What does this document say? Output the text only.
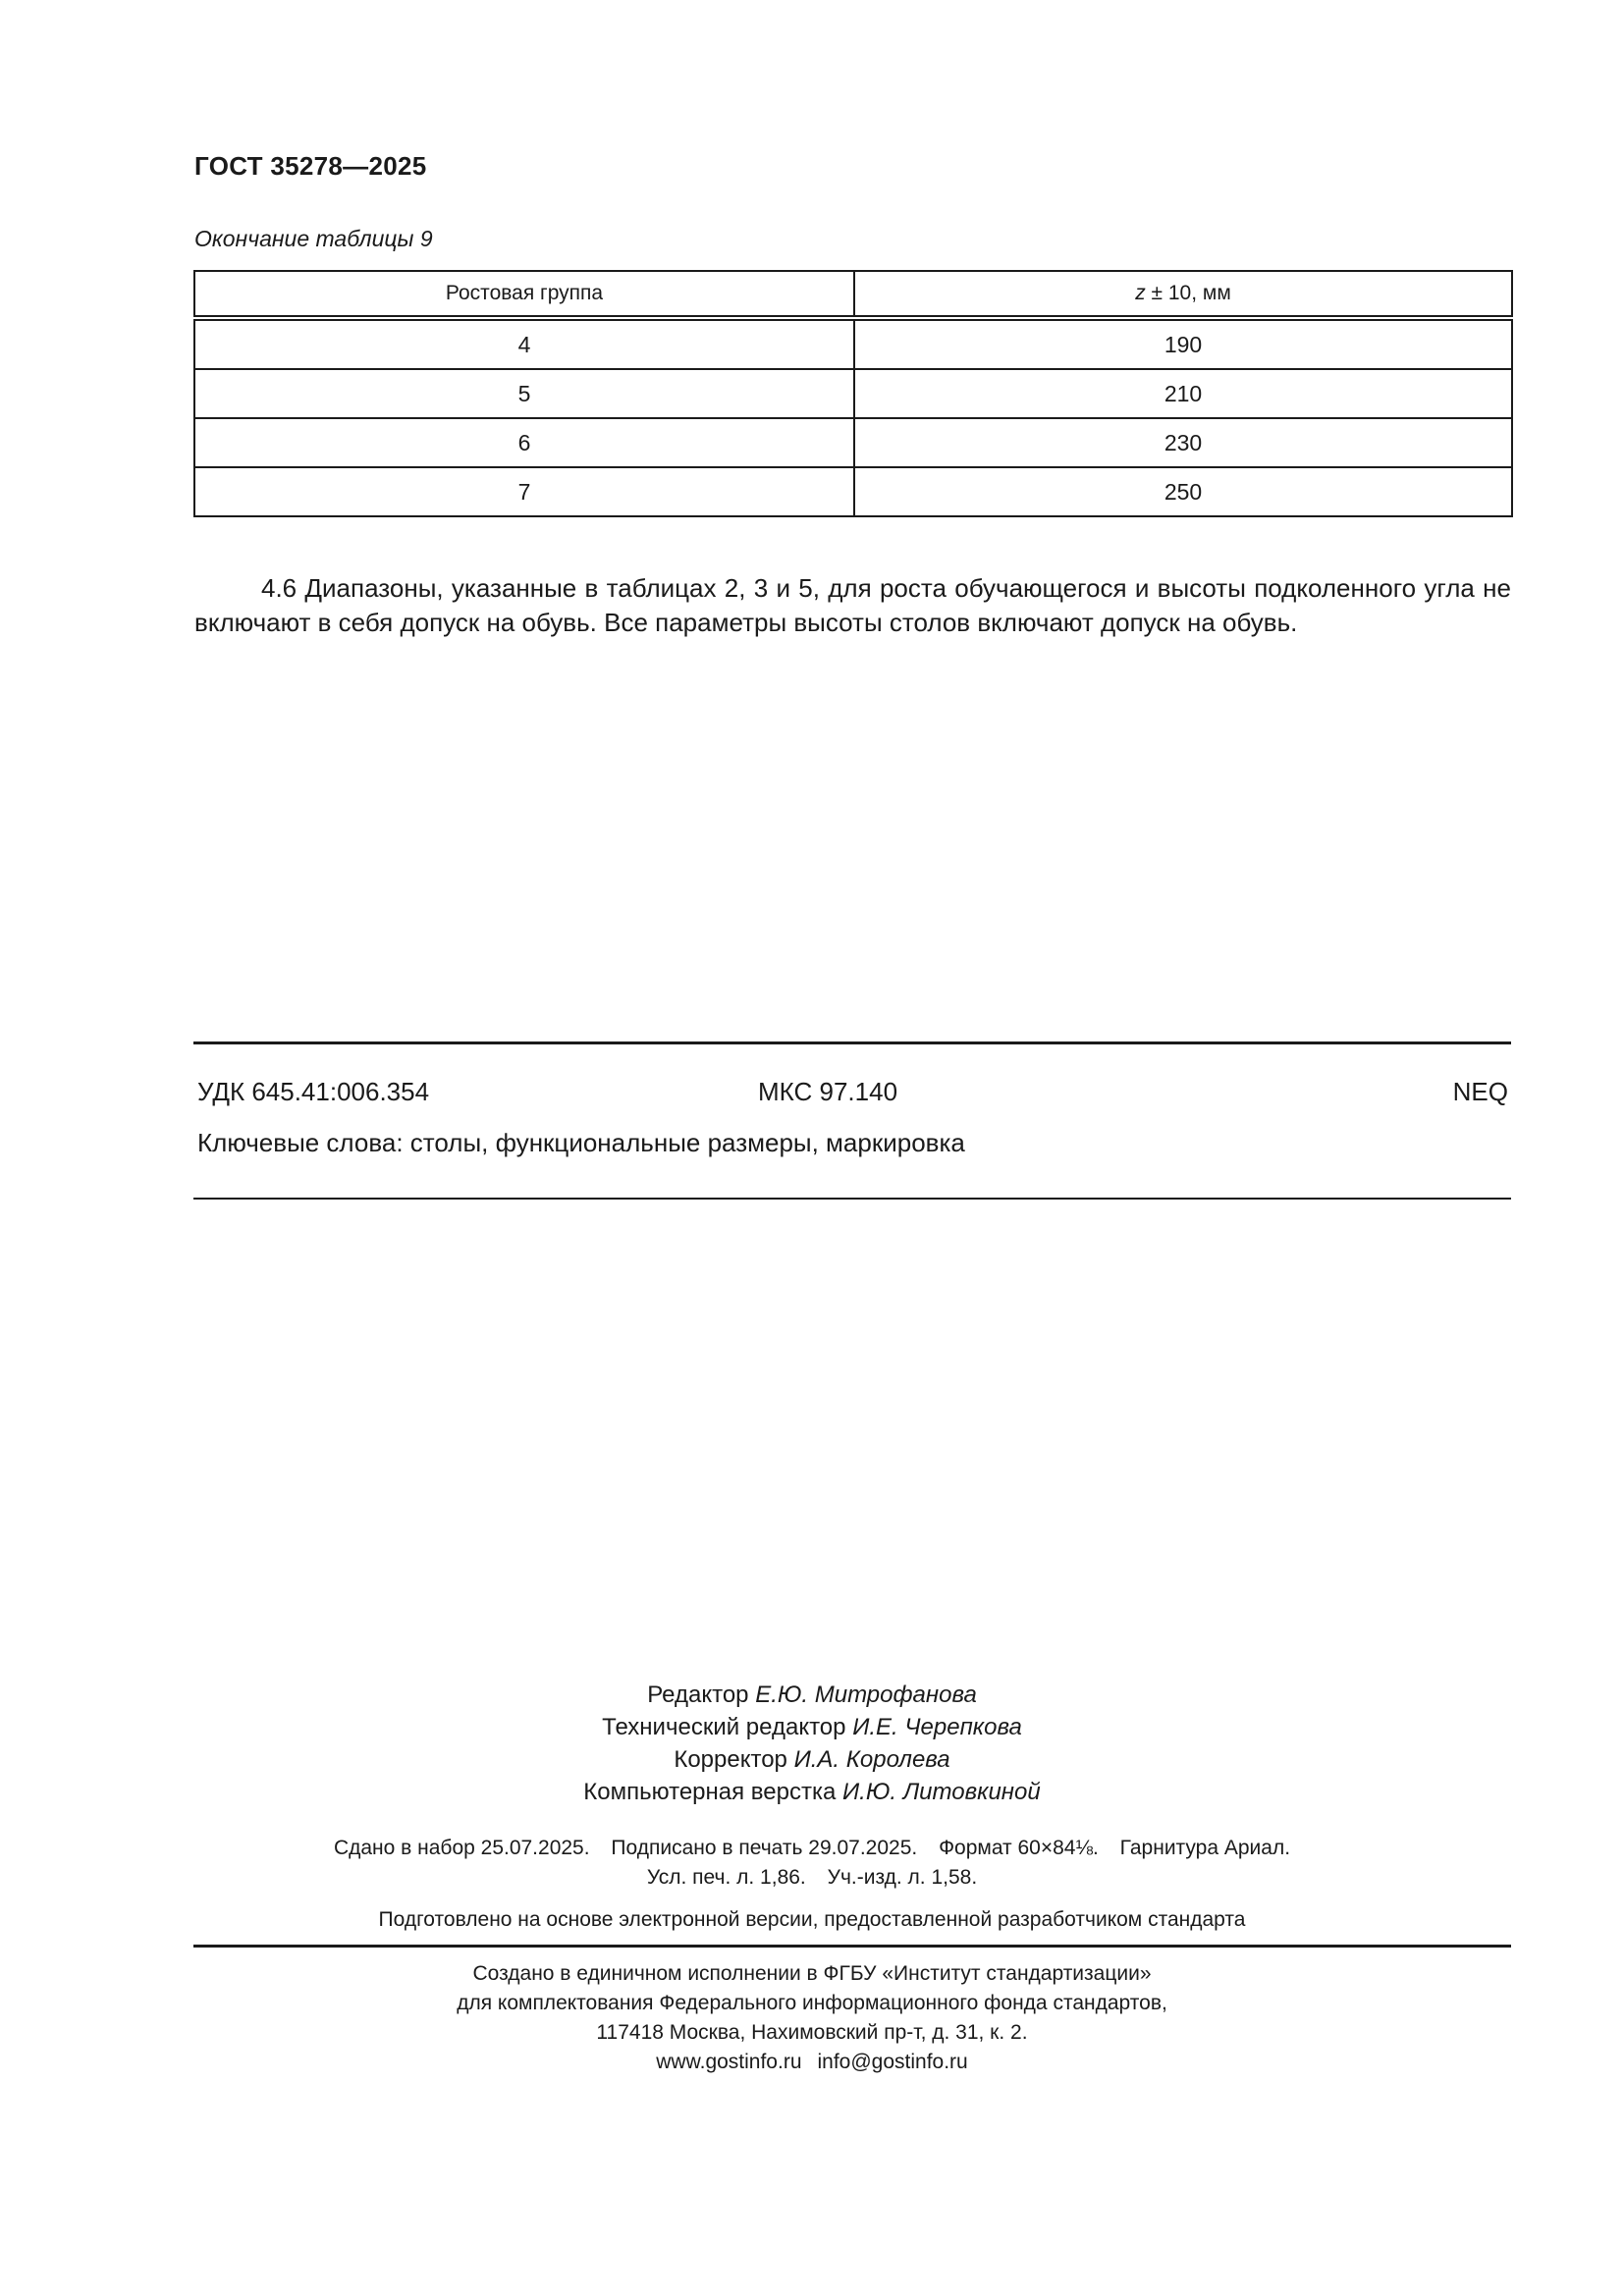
ГОСТ 35278—2025
Окончание таблицы 9
Ростовая группа	z ± 10, мм
4	190
5	210
6	230
7	250

4.6 Диапазоны, указанные в таблицах 2, 3 и 5, для роста обучающегося и высоты подколенного угла не включают в себя допуск на обувь. Все параметры высоты столов включают допуск на обувь.

УДК 645.41:006.354	МКС 97.140	NEQ
Ключевые слова: столы, функциональные размеры, маркировка
Редактор Е.Ю. Митрофанова
Технический редактор И.Е. Черепкова
Корректор И.А. Королева
Компьютерная верстка И.Ю. Литовкиной
Сдано в набор 25.07.2025. Подписано в печать 29.07.2025. Формат 60×84⅛. Гарнитура Ариал.
Усл. печ. л. 1,86. Уч.-изд. л. 1,58.
Подготовлено на основе электронной версии, предоставленной разработчиком стандарта
Создано в единичном исполнении в ФГБУ «Институт стандартизации»
для комплектования Федерального информационного фонда стандартов,
117418 Москва, Нахимовский пр-т, д. 31, к. 2.
www.gostinfo.ru info@gostinfo.ru
